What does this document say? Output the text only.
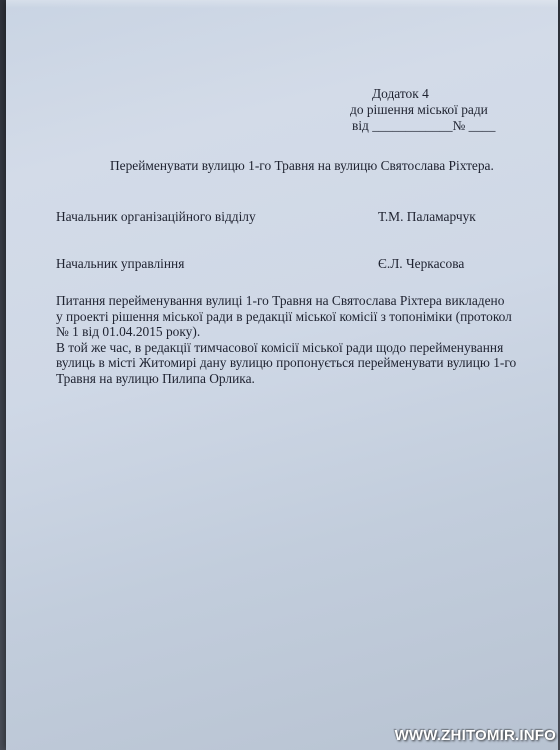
Додаток 4
до рішення міської ради
від ____________№ ____
Перейменувати вулицю 1-го Травня на вулицю Святослава Ріхтера.
Начальник організаційного відділу	Т.М. Паламарчук
Начальник управління	Є.Л. Черкасова
Питання перейменування вулиці 1-го Травня на Святослава Ріхтера викладено
у проекті рішення міської ради в редакції міської комісії з топоніміки (протокол
№ 1 від 01.04.2015 року).
В той же час, в редакції тимчасової комісії міської ради щодо перейменування
вулиць в місті Житомирі дану вулицю пропонується перейменувати вулицю 1-го
Травня на вулицю Пилипа Орлика.
WWW.ZHITOMIR.INFO
